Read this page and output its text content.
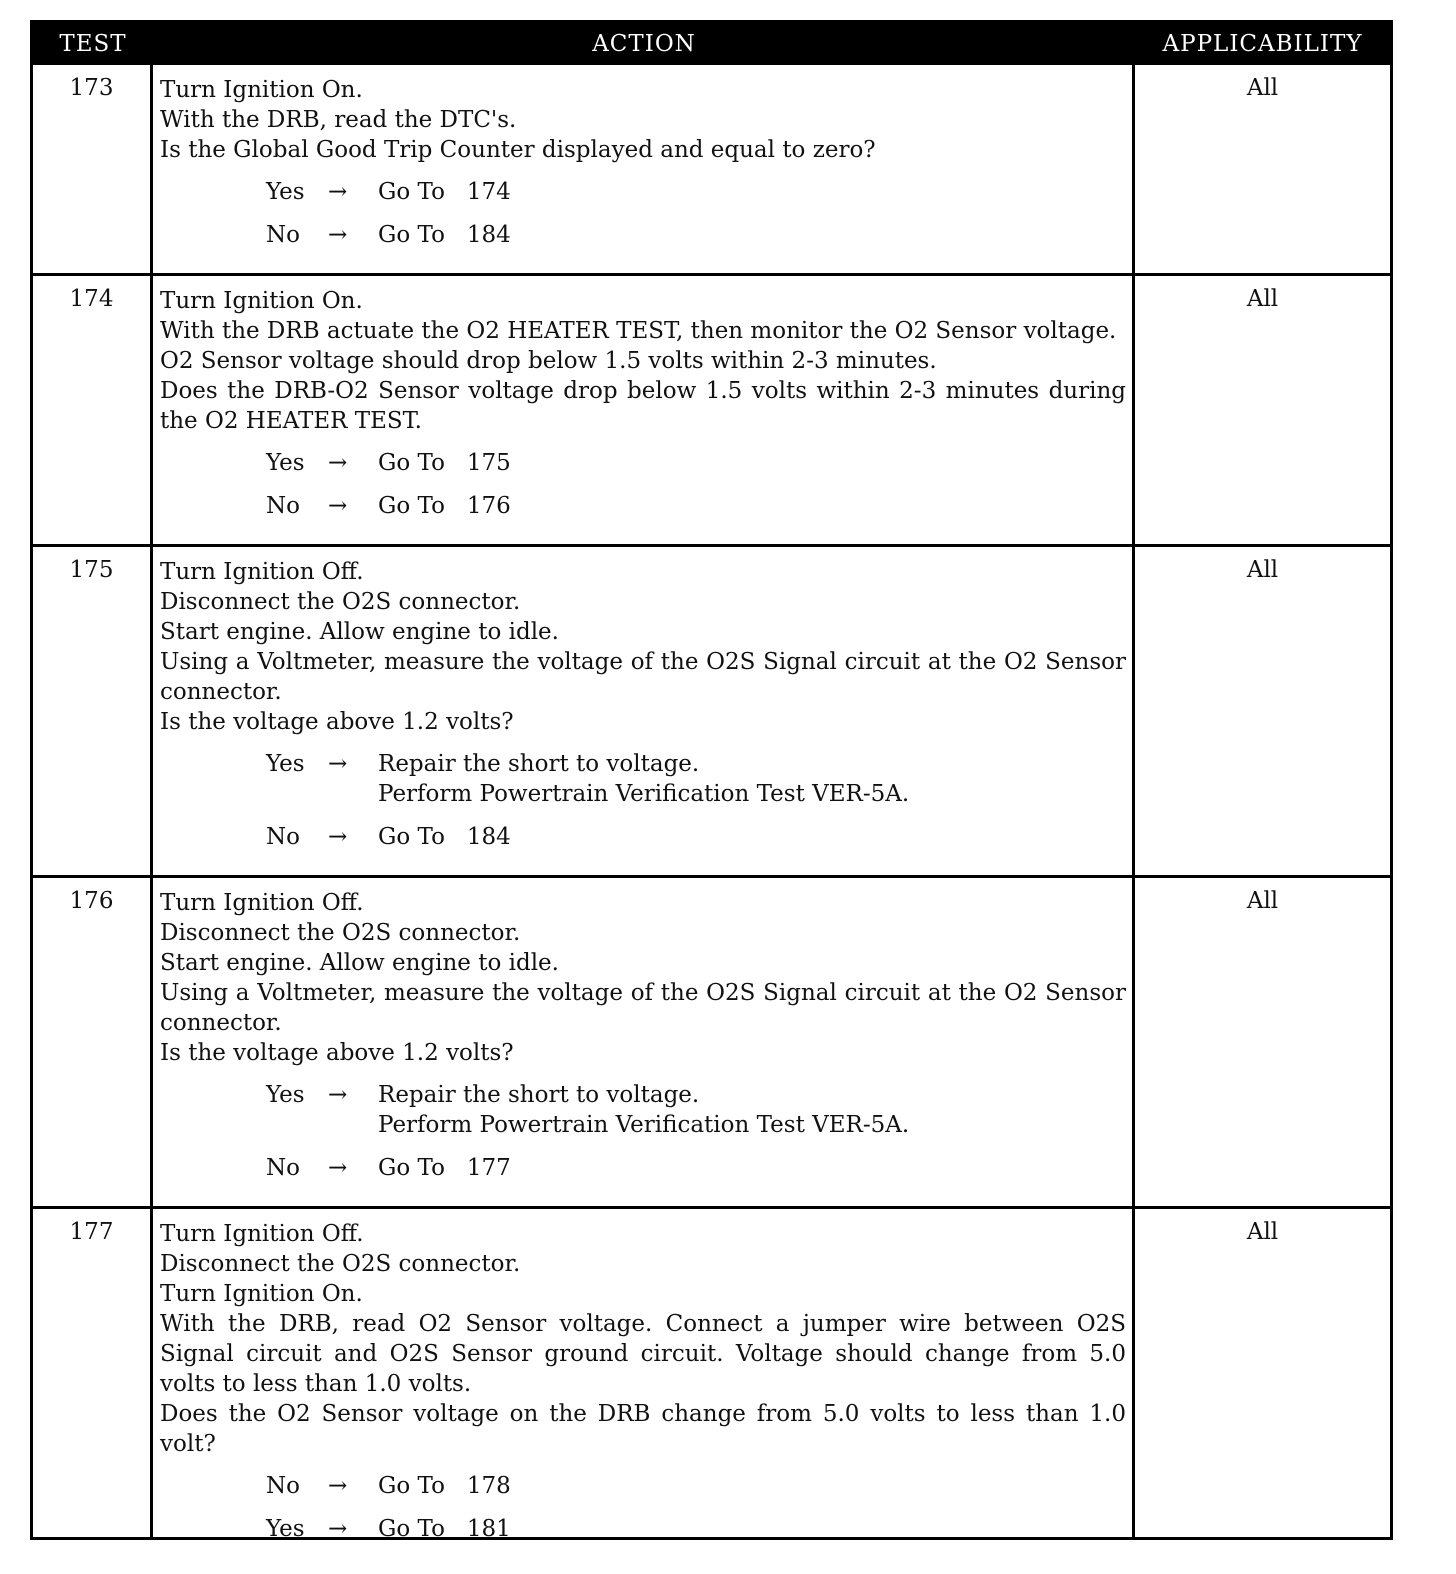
TEST	ACTION	APPLICABILITY
173	Turn Ignition On.
With the DRB, read the DTC's.
Is the Global Good Trip Counter displayed and equal to zero?
Yes	→	Go To   174
No	→	Go To   184
All
174	Turn Ignition On.
With the DRB actuate the O2 HEATER TEST, then monitor the O2 Sensor voltage.
O2 Sensor voltage should drop below 1.5 volts within 2-3 minutes.
Does the DRB-O2 Sensor voltage drop below 1.5 volts within 2-3 minutes during the O2 HEATER TEST.
Yes	→	Go To   175
No	→	Go To   176
All
175	Turn Ignition Off.
Disconnect the O2S connector.
Start engine. Allow engine to idle.
Using a Voltmeter, measure the voltage of the O2S Signal circuit at the O2 Sensor connector.
Is the voltage above 1.2 volts?
Yes	→	Repair the short to voltage.
Perform Powertrain Verification Test VER-5A.
No	→	Go To   184
All
176	Turn Ignition Off.
Disconnect the O2S connector.
Start engine. Allow engine to idle.
Using a Voltmeter, measure the voltage of the O2S Signal circuit at the O2 Sensor connector.
Is the voltage above 1.2 volts?
Yes	→	Repair the short to voltage.
Perform Powertrain Verification Test VER-5A.
No	→	Go To   177
All
177	Turn Ignition Off.
Disconnect the O2S connector.
Turn Ignition On.
With the DRB, read O2 Sensor voltage. Connect a jumper wire between O2S Signal circuit and O2S Sensor ground circuit. Voltage should change from 5.0 volts to less than 1.0 volts.
Does the O2 Sensor voltage on the DRB change from 5.0 volts to less than 1.0 volt?
No	→	Go To   178
Yes	→	Go To   181
All
